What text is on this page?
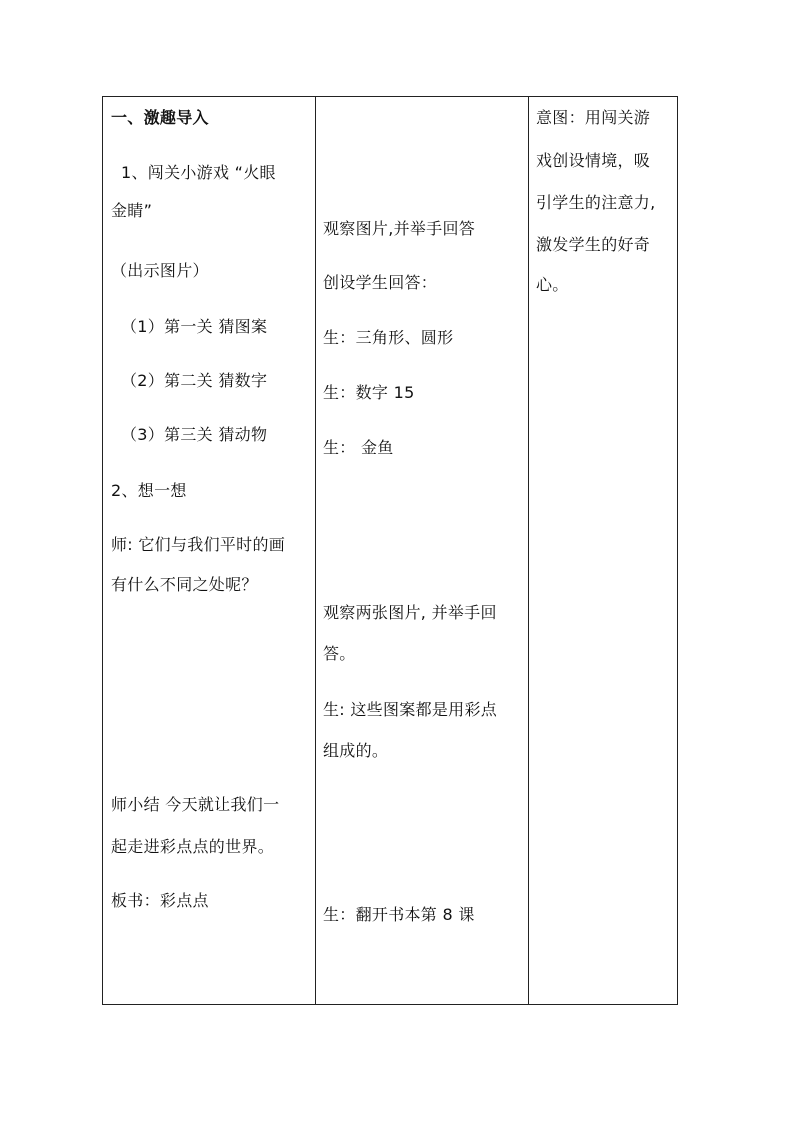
一、激趣导入
1、闯关小游戏 “火眼
金睛”
（出示图片）
（1）第一关 猜图案
（2）第二关 猜数字
（3）第三关 猜动物
2、想一想
师: 它们与我们平时的画
有什么不同之处呢？
师小结 今天就让我们一
起走进彩点点的世界。
板书：彩点点
观察图片,并举手回答
创设学生回答：
生：三角形、圆形
生：数字 15
生： 金鱼
观察两张图片, 并举手回
答。
生: 这些图案都是用彩点
组成的。
生：翻开书本第 8 课
意图：用闯关游
戏创设情境，吸
引学生的注意力,
激发学生的好奇
心。
